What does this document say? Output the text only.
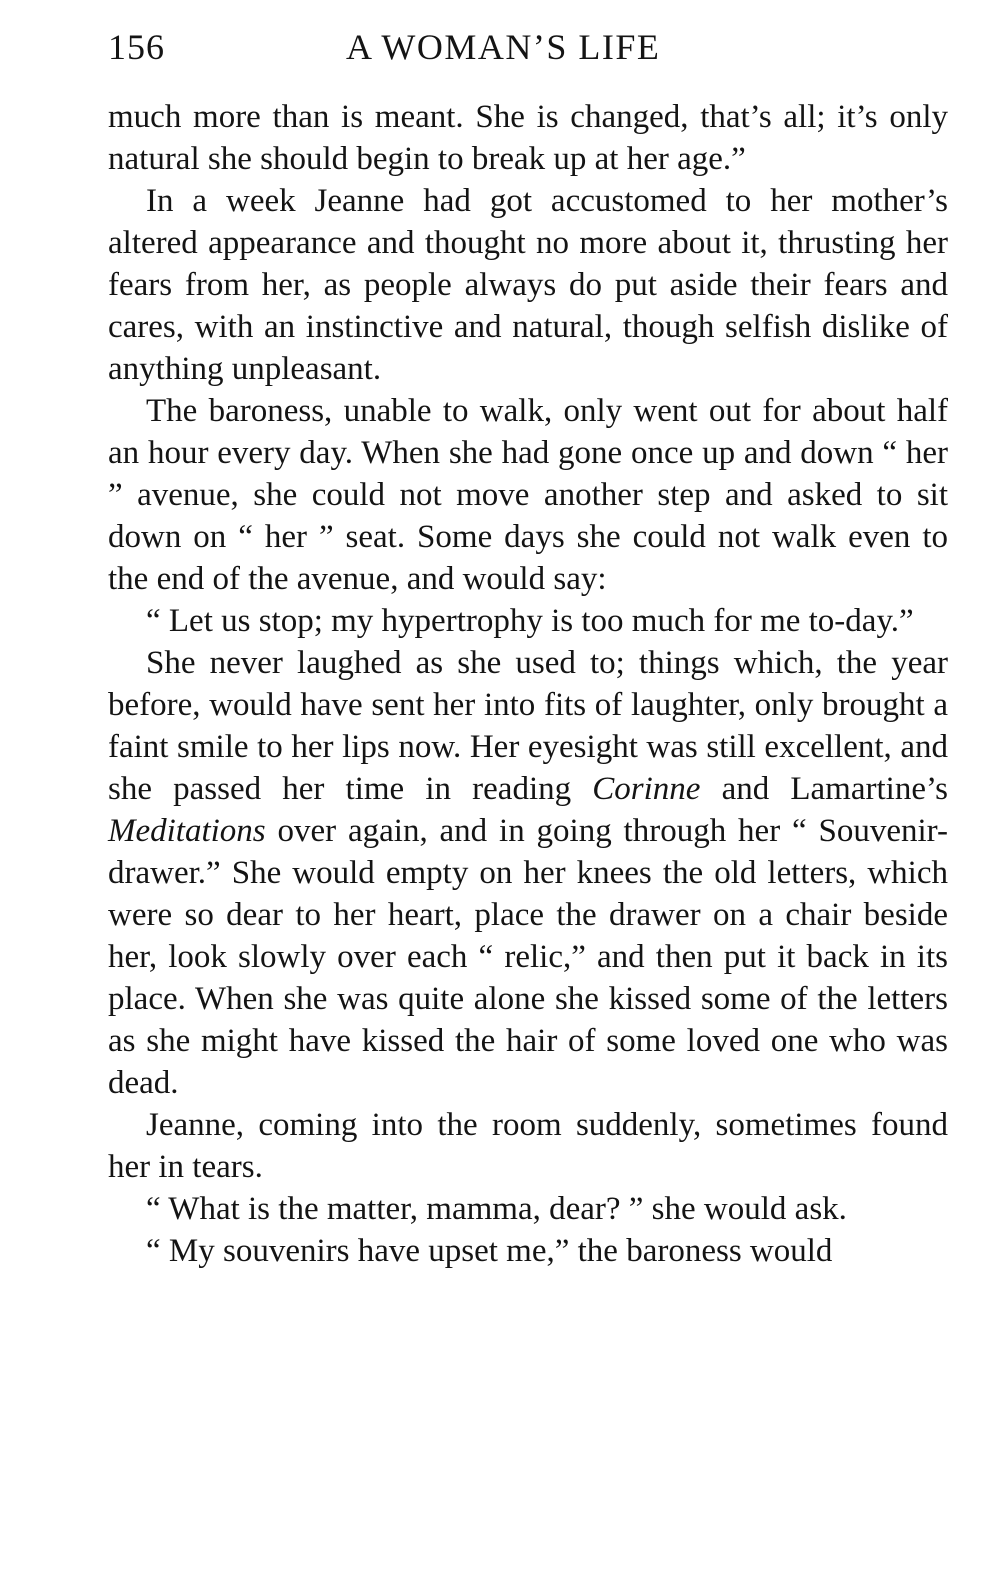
156	A WOMAN’S LIFE

much more than is meant. She is changed, that’s all; it’s only natural she should begin to break up at her age.”

In a week Jeanne had got accustomed to her mother’s altered appearance and thought no more about it, thrusting her fears from her, as people always do put aside their fears and cares, with an instinctive and natural, though selfish dislike of anything unpleasant.

The baroness, unable to walk, only went out for about half an hour every day. When she had gone once up and down “ her ” avenue, she could not move another step and asked to sit down on “ her ” seat. Some days she could not walk even to the end of the avenue, and would say:

“ Let us stop; my hypertrophy is too much for me to-day.”

She never laughed as she used to; things which, the year before, would have sent her into fits of laughter, only brought a faint smile to her lips now. Her eyesight was still excellent, and she passed her time in reading Corinne and Lamartine’s Meditations over again, and in going through her “ Souvenir-drawer.” She would empty on her knees the old letters, which were so dear to her heart, place the drawer on a chair beside her, look slowly over each “ relic,” and then put it back in its place. When she was quite alone she kissed some of the letters as she might have kissed the hair of some loved one who was dead.

Jeanne, coming into the room suddenly, sometimes found her in tears.

“ What is the matter, mamma, dear? ” she would ask.

“ My souvenirs have upset me,” the baroness would
